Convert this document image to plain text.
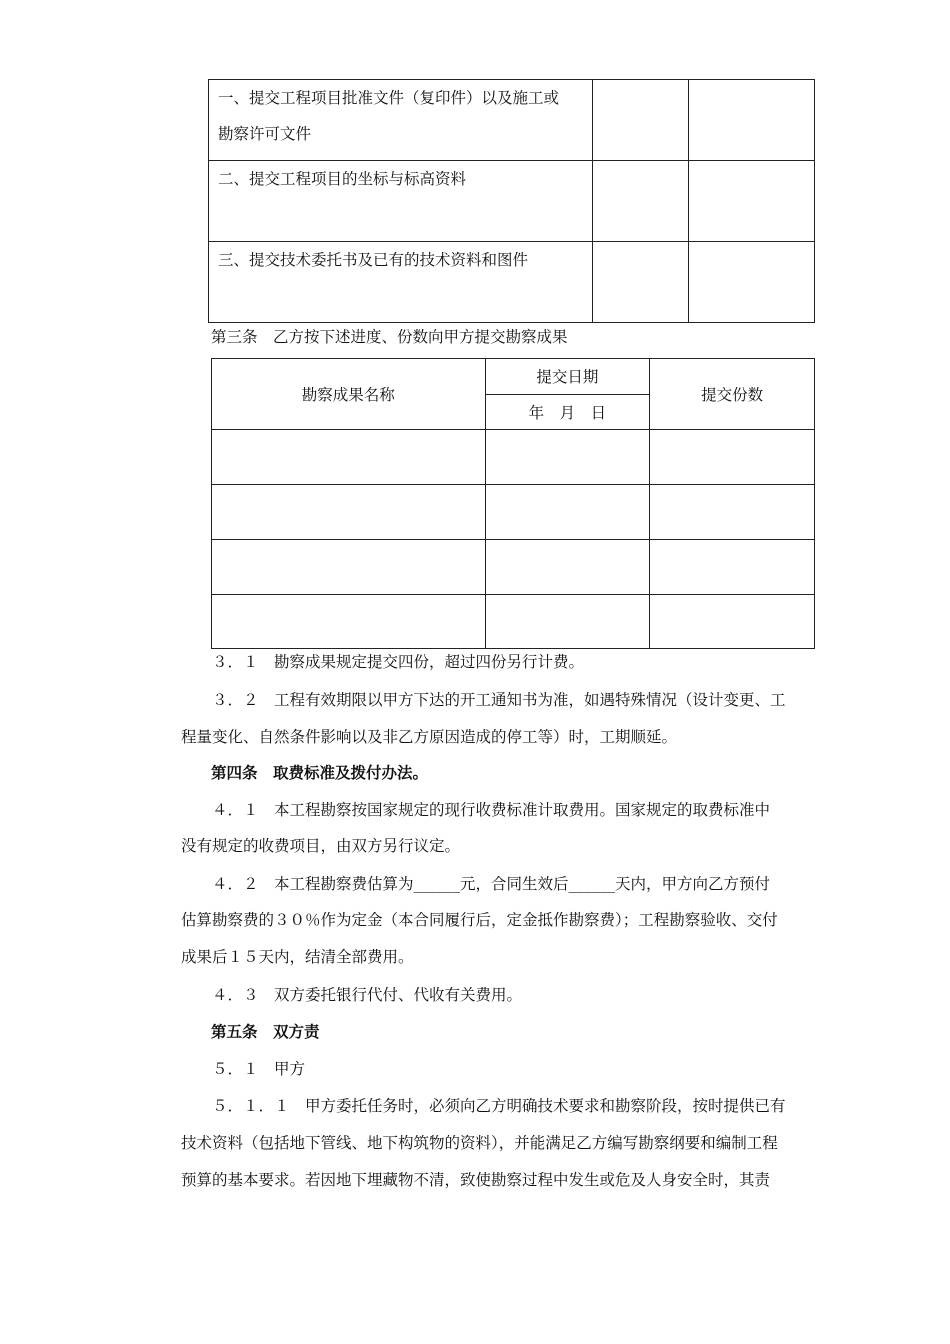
一、提交工程项目批准文件（复印件）以及施工或
勘察许可文件		

二、提交工程项目的坐标与标高资料		

三、提交技术委托书及已有的技术资料和图件		

第三条　乙方按下述进度、份数向甲方提交勘察成果
勘察成果名称	提交日期	提交份数
	年　月　日	

３．１　勘察成果规定提交四份，超过四份另行计费。
３．２　工程有效期限以甲方下达的开工通知书为准，如遇特殊情况（设计变更、工
程量变化、自然条件影响以及非乙方原因造成的停工等）时，工期顺延。
第四条　取费标准及拨付办法。
４．１　本工程勘察按国家规定的现行收费标准计取费用。国家规定的取费标准中
没有规定的收费项目，由双方另行议定。
４．２　本工程勘察费估算为______元，合同生效后______天内，甲方向乙方预付
估算勘察费的３０％作为定金（本合同履行后，定金抵作勘察费）；工程勘察验收、交付
成果后１５天内，结清全部费用。
４．３　双方委托银行代付、代收有关费用。
第五条　双方责
５．１　甲方
５．１．１　甲方委托任务时，必须向乙方明确技术要求和勘察阶段，按时提供已有
技术资料（包括地下管线、地下构筑物的资料），并能满足乙方编写勘察纲要和编制工程
预算的基本要求。若因地下埋藏物不清，致使勘察过程中发生或危及人身安全时，其责
